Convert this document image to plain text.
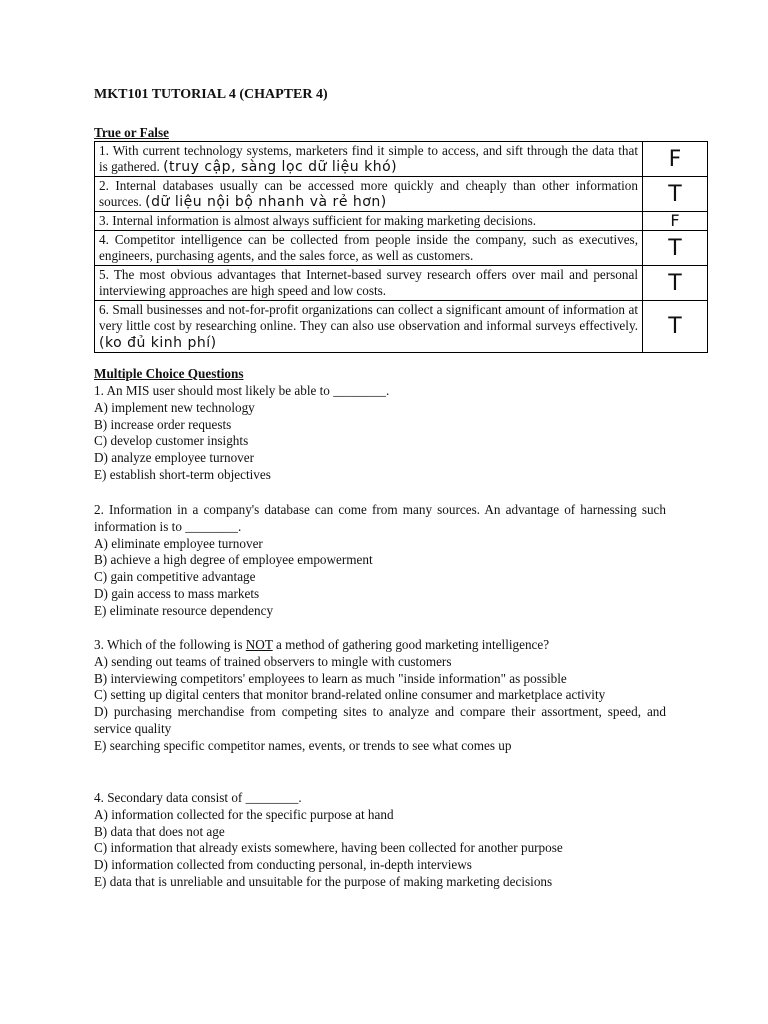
MKT101 TUTORIAL 4 (CHAPTER 4)
True or False
1. With current technology systems, marketers find it simple to access, and sift through the data that is gathered. (truy cập, sàng lọc dữ liệu khó)	F
2. Internal databases usually can be accessed more quickly and cheaply than other information sources. (dữ liệu nội bộ nhanh và rẻ hơn)	T
3. Internal information is almost always sufficient for making marketing decisions.	F
4. Competitor intelligence can be collected from people inside the company, such as executives, engineers, purchasing agents, and the sales force, as well as customers.	T
5. The most obvious advantages that Internet-based survey research offers over mail and personal interviewing approaches are high speed and low costs.	T
6. Small businesses and not-for-profit organizations can collect a significant amount of information at very little cost by researching online. They can also use observation and informal surveys effectively. (ko đủ kinh phí)	T
Multiple Choice Questions

1. An MIS user should most likely be able to ________.

A) implement new technology

B) increase order requests

C) develop customer insights

D) analyze employee turnover

E) establish short-term objectives

2. Information in a company's database can come from many sources. An advantage of harnessing such information is to ________.

A) eliminate employee turnover

B) achieve a high degree of employee empowerment

C) gain competitive advantage

D) gain access to mass markets

E) eliminate resource dependency

3. Which of the following is NOT a method of gathering good marketing intelligence?

A) sending out teams of trained observers to mingle with customers

B) interviewing competitors' employees to learn as much "inside information" as possible

C) setting up digital centers that monitor brand-related online consumer and marketplace activity

D) purchasing merchandise from competing sites to analyze and compare their assortment, speed, and service quality

E) searching specific competitor names, events, or trends to see what comes up

4. Secondary data consist of ________.

A) information collected for the specific purpose at hand

B) data that does not age

C) information that already exists somewhere, having been collected for another purpose

D) information collected from conducting personal, in-depth interviews

E) data that is unreliable and unsuitable for the purpose of making marketing decisions
